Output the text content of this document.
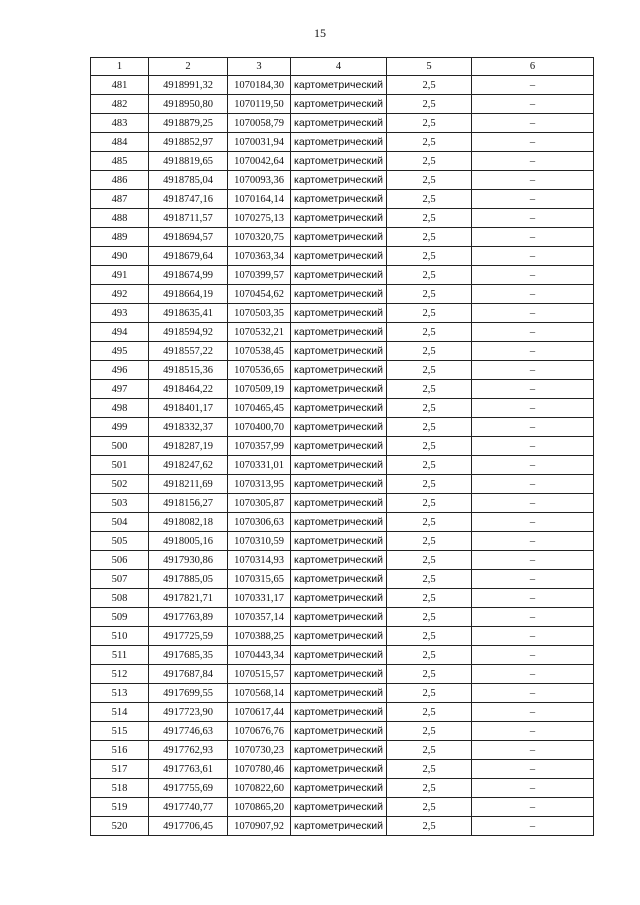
15
1	2	3	4	5	6
481	4918991,32	1070184,30	картометрический	2,5	–
482	4918950,80	1070119,50	картометрический	2,5	–
483	4918879,25	1070058,79	картометрический	2,5	–
484	4918852,97	1070031,94	картометрический	2,5	–
485	4918819,65	1070042,64	картометрический	2,5	–
486	4918785,04	1070093,36	картометрический	2,5	–
487	4918747,16	1070164,14	картометрический	2,5	–
488	4918711,57	1070275,13	картометрический	2,5	–
489	4918694,57	1070320,75	картометрический	2,5	–
490	4918679,64	1070363,34	картометрический	2,5	–
491	4918674,99	1070399,57	картометрический	2,5	–
492	4918664,19	1070454,62	картометрический	2,5	–
493	4918635,41	1070503,35	картометрический	2,5	–
494	4918594,92	1070532,21	картометрический	2,5	–
495	4918557,22	1070538,45	картометрический	2,5	–
496	4918515,36	1070536,65	картометрический	2,5	–
497	4918464,22	1070509,19	картометрический	2,5	–
498	4918401,17	1070465,45	картометрический	2,5	–
499	4918332,37	1070400,70	картометрический	2,5	–
500	4918287,19	1070357,99	картометрический	2,5	–
501	4918247,62	1070331,01	картометрический	2,5	–
502	4918211,69	1070313,95	картометрический	2,5	–
503	4918156,27	1070305,87	картометрический	2,5	–
504	4918082,18	1070306,63	картометрический	2,5	–
505	4918005,16	1070310,59	картометрический	2,5	–
506	4917930,86	1070314,93	картометрический	2,5	–
507	4917885,05	1070315,65	картометрический	2,5	–
508	4917821,71	1070331,17	картометрический	2,5	–
509	4917763,89	1070357,14	картометрический	2,5	–
510	4917725,59	1070388,25	картометрический	2,5	–
511	4917685,35	1070443,34	картометрический	2,5	–
512	4917687,84	1070515,57	картометрический	2,5	–
513	4917699,55	1070568,14	картометрический	2,5	–
514	4917723,90	1070617,44	картометрический	2,5	–
515	4917746,63	1070676,76	картометрический	2,5	–
516	4917762,93	1070730,23	картометрический	2,5	–
517	4917763,61	1070780,46	картометрический	2,5	–
518	4917755,69	1070822,60	картометрический	2,5	–
519	4917740,77	1070865,20	картометрический	2,5	–
520	4917706,45	1070907,92	картометрический	2,5	–
